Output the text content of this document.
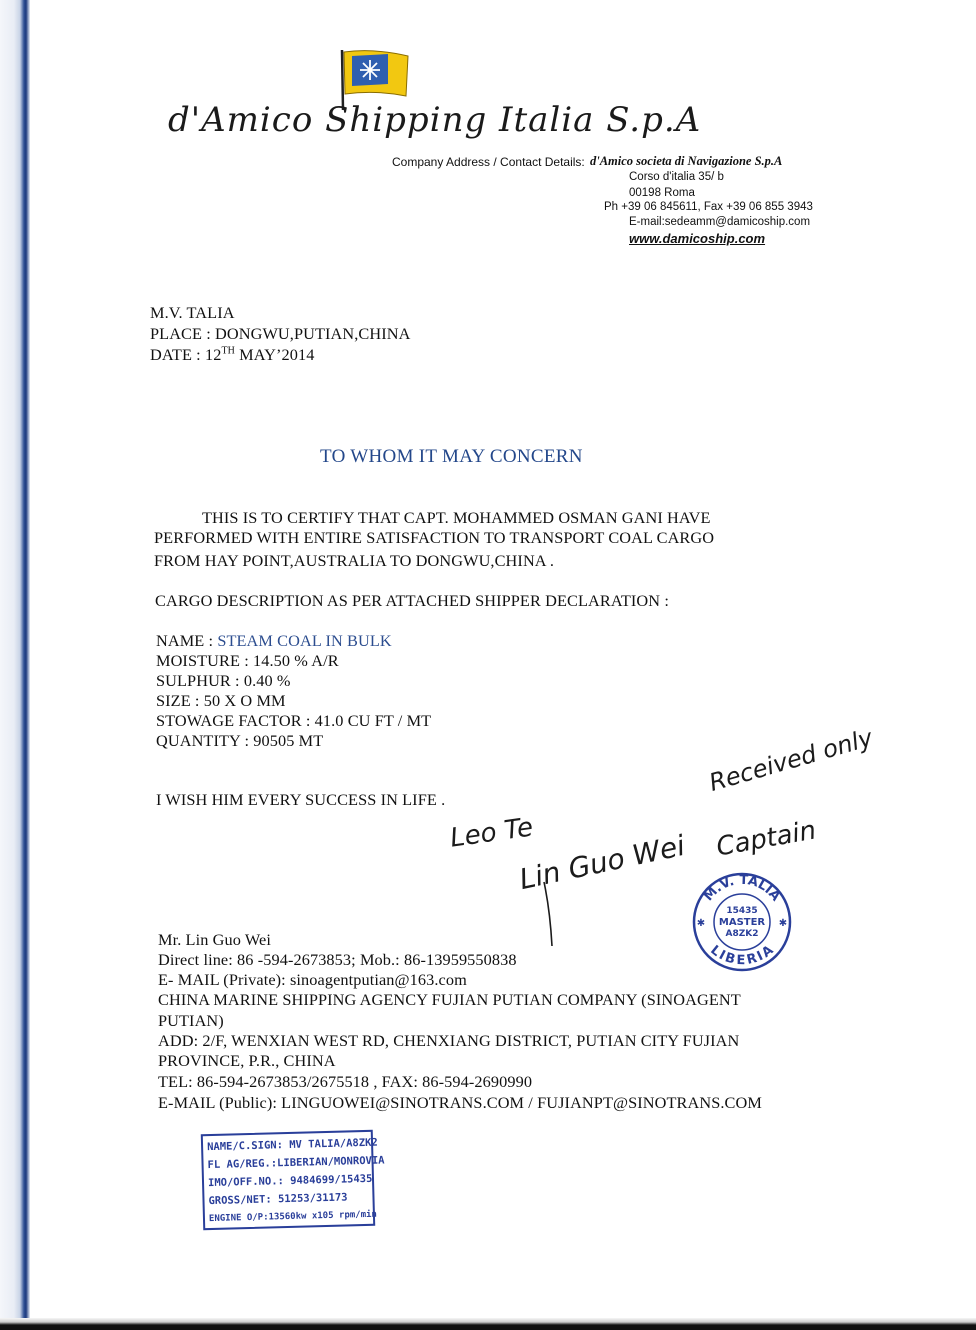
d'Amico Shipping Italia S.p.A
Company Address / Contact Details: d'Amico societa di Navigazione S.p.A
Corso d'italia 35/ b
00198 Roma
Ph +39 06 845611, Fax +39 06 855 3943
E-mail:sedeamm@damicoship.com
www.damicoship.com
M.V. TALIA
PLACE : DONGWU,PUTIAN,CHINA
DATE : 12TH MAY’2014
TO WHOM IT MAY CONCERN
THIS IS TO CERTIFY THAT CAPT. MOHAMMED OSMAN GANI HAVE
PERFORMED WITH ENTIRE SATISFACTION TO TRANSPORT COAL CARGO
FROM HAY POINT,AUSTRALIA TO DONGWU,CHINA .
CARGO DESCRIPTION AS PER ATTACHED SHIPPER DECLARATION :
NAME : STEAM COAL IN BULK
MOISTURE : 14.50 % A/R
SULPHUR : 0.40 %
SIZE : 50 X O MM
STOWAGE FACTOR : 41.0 CU FT / MT
QUANTITY : 90505 MT
I WISH HIM EVERY SUCCESS IN LIFE .
Received only
Captain
Leo Te
Lin Guo Wei M.V. TALIA
LIBERIA
15435
MASTER
A8ZK2
✱	✱
Mr. Lin Guo Wei
Direct line: 86 -594-2673853; Mob.: 86-13959550838
E- MAIL (Private): sinoagentputian@163.com
CHINA MARINE SHIPPING AGENCY FUJIAN PUTIAN COMPANY (SINOAGENT
PUTIAN)
ADD: 2/F, WENXIAN WEST RD, CHENXIANG DISTRICT, PUTIAN CITY FUJIAN
PROVINCE, P.R., CHINA
TEL: 86-594-2673853/2675518 , FAX: 86-594-2690990
E-MAIL (Public): LINGUOWEI@SINOTRANS.COM / FUJIANPT@SINOTRANS.COM
NAME/C.SIGN: MV TALIA/A8ZK2
FL AG/REG.:LIBERIAN/MONROVIA
IMO/OFF.NO.: 9484699/15435
GROSS/NET: 51253/31173
ENGINE O/P:13560kw x105 rpm/min
